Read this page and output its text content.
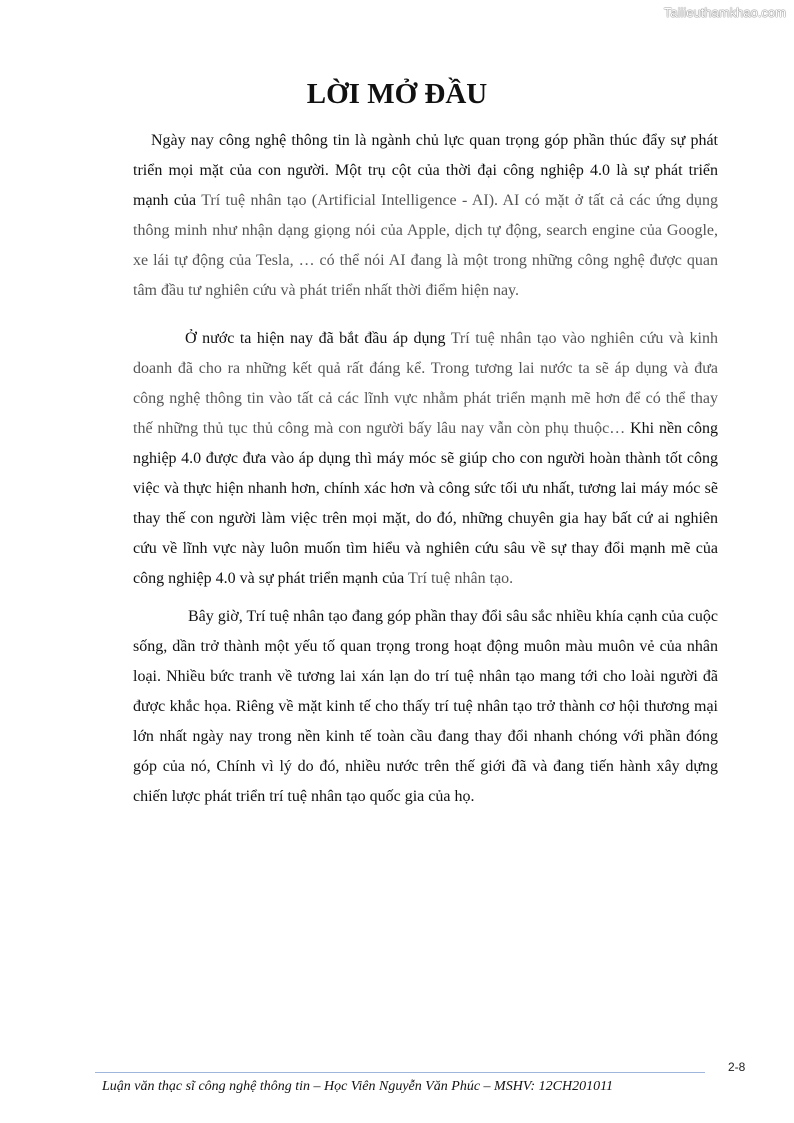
Tailieuthamkhao.com
LỜI MỞ ĐẦU

Ngày nay công nghệ thông tin là ngành chủ lực quan trọng góp phần thúc đẩy sự phát triển mọi mặt của con người. Một trụ cột của thời đại công nghiệp 4.0 là sự phát triển mạnh của Trí tuệ nhân tạo (Artificial Intelligence - AI). AI có mặt ở tất cả các ứng dụng thông minh như nhận dạng giọng nói của Apple, dịch tự động, search engine của Google, xe lái tự động của Tesla, … có thể nói AI đang là một trong những công nghệ được quan tâm đầu tư nghiên cứu và phát triển nhất thời điểm hiện nay.

Ở nước ta hiện nay đã bắt đầu áp dụng Trí tuệ nhân tạo vào nghiên cứu và kinh doanh đã cho ra những kết quả rất đáng kể. Trong tương lai nước ta sẽ áp dụng và đưa công nghệ thông tin vào tất cả các lĩnh vực nhằm phát triển mạnh mẽ hơn để có thể thay thế những thủ tục thủ công mà con người bấy lâu nay vẫn còn phụ thuộc… Khi nền công nghiệp 4.0 được đưa vào áp dụng thì máy móc sẽ giúp cho con người hoàn thành tốt công việc và thực hiện nhanh hơn, chính xác hơn và công sức tối ưu nhất, tương lai máy móc sẽ thay thế con người làm việc trên mọi mặt, do đó, những chuyên gia hay bất cứ ai nghiên cứu về lĩnh vực này luôn muốn tìm hiểu và nghiên cứu sâu về sự thay đổi mạnh mẽ của công nghiệp 4.0 và sự phát triển mạnh của Trí tuệ nhân tạo.

Bây giờ, Trí tuệ nhân tạo đang góp phần thay đổi sâu sắc nhiều khía cạnh của cuộc sống, dần trở thành một yếu tố quan trọng trong hoạt động muôn màu muôn vẻ của nhân loại. Nhiều bức tranh về tương lai xán lạn do trí tuệ nhân tạo mang tới cho loài người đã được khắc họa. Riêng về mặt kinh tế cho thấy trí tuệ nhân tạo trở thành cơ hội thương mại lớn nhất ngày nay trong nền kinh tế toàn cầu đang thay đổi nhanh chóng với phần đóng góp của nó, Chính vì lý do đó, nhiều nước trên thế giới đã và đang tiến hành xây dựng chiến lược phát triển trí tuệ nhân tạo quốc gia của họ.

2-8
Luận văn thạc sĩ công nghệ thông tin – Học Viên Nguyễn Văn Phúc – MSHV: 12CH201011
